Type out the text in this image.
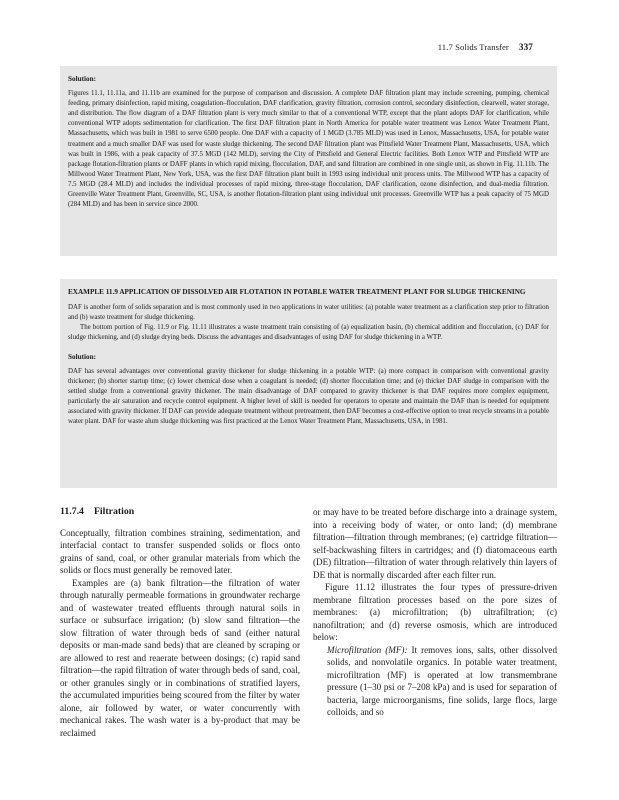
11.7 Solids Transfer 337
Solution:

Figures 11.1, 11.11a, and 11.11b are examined for the purpose of comparison and discussion. A complete DAF filtration plant may include screening, pumping, chemical feeding, primary disinfection, rapid mixing, coagulation–flocculation, DAF clarification, gravity filtration, corrosion control, secondary disinfection, clearwell, water storage, and distribution. The flow diagram of a DAF filtration plant is very much similar to that of a conventional WTP, except that the plant adopts DAF for clarification, while conventional WTP adopts sedimentation for clarification. The first DAF filtration plant in North America for potable water treatment was Lenox Water Treatment Plant, Massachusetts, which was built in 1981 to serve 6500 people. One DAF with a capacity of 1 MGD (3.785 MLD) was used in Lenox, Massachusetts, USA, for potable water treatment and a much smaller DAF was used for waste sludge thickening. The second DAF filtration plant was Pittsfield Water Treatment Plant, Massachusetts, USA, which was built in 1986, with a peak capacity of 37.5 MGD (142 MLD), serving the City of Pittsfield and General Electric facilities. Both Lenox WTP and Pittsfield WTP are package flotation-filtration plants or DAFF plants in which rapid mixing, flocculation, DAF, and sand filtration are combined in one single unit, as shown in Fig. 11.11b. The Millwood Water Treatment Plant, New York, USA, was the first DAF filtration plant built in 1993 using individual unit process units. The Millwood WTP has a capacity of 7.5 MGD (28.4 MLD) and includes the individual processes of rapid mixing, three-stage flocculation, DAF clarification, ozone disinfection, and dual-media filtration. Greenville Water Treatment Plant, Greenville, SC, USA, is another flotation-filtration plant using individual unit processes. Greenville WTP has a peak capacity of 75 MGD (284 MLD) and has been in service since 2000.

EXAMPLE 11.9 APPLICATION OF DISSOLVED AIR FLOTATION IN POTABLE WATER TREATMENT PLANT FOR SLUDGE THICKENING

DAF is another form of solids separation and is most commonly used in two applications in water utilities: (a) potable water treatment as a clarification step prior to filtration and (b) waste treatment for sludge thickening.

The bottom portion of Fig. 11.9 or Fig. 11.11 illustrates a waste treatment train consisting of (a) equalization basin, (b) chemical addition and flocculation, (c) DAF for sludge thickening, and (d) sludge drying beds. Discuss the advantages and disadvantages of using DAF for sludge thickening in a WTP.

Solution:

DAF has several advantages over conventional gravity thickener for sludge thickening in a potable WTP: (a) more compact in comparison with conventional gravity thickener; (b) shorter startup time; (c) lower chemical dose when a coagulant is needed; (d) shorter flocculation time; and (e) thicker DAF sludge in comparison with the settled sludge from a conventional gravity thickener. The main disadvantage of DAF compared to gravity thickener is that DAF requires more complex equipment, particularly the air saturation and recycle control equipment. A higher level of skill is needed for operators to operate and maintain the DAF than is needed for equipment associated with gravity thickener. If DAF can provide adequate treatment without pretreatment, then DAF becomes a cost-effective option to treat recycle streams in a potable water plant. DAF for waste alum sludge thickening was first practiced at the Lenox Water Treatment Plant, Massachusetts, USA, in 1981.

11.7.4 Filtration

Conceptually, filtration combines straining, sedimentation, and interfacial contact to transfer suspended solids or flocs onto grains of sand, coal, or other granular materials from which the solids or flocs must generally be removed later.

Examples are (a) bank filtration—the filtration of water through naturally permeable formations in groundwater recharge and of wastewater treated effluents through natural soils in surface or subsurface irrigation; (b) slow sand filtration—the slow filtration of water through beds of sand (either natural deposits or man-made sand beds) that are cleaned by scraping or are allowed to rest and reaerate between dosings; (c) rapid sand filtration—the rapid filtration of water through beds of sand, coal, or other granules singly or in combinations of stratified layers, the accumulated impurities being scoured from the filter by water alone, air followed by water, or water concurrently with mechanical rakes. The wash water is a by-product that may be reclaimed

or may have to be treated before discharge into a drainage system, into a receiving body of water, or onto land; (d) membrane filtration—filtration through membranes; (e) cartridge filtration—self-backwashing filters in cartridges; and (f) diatomaceous earth (DE) filtration—filtration of water through relatively thin layers of DE that is normally discarded after each filter run.

Figure 11.12 illustrates the four types of pressure-driven membrane filtration processes based on the pore sizes of membranes: (a) microfiltration; (b) ultrafiltration; (c) nanofiltration; and (d) reverse osmosis, which are introduced below:

Microfiltration (MF): It removes ions, salts, other dissolved solids, and nonvolatile organics. In potable water treatment, microfiltration (MF) is operated at low transmembrane pressure (1–30 psi or 7–208 kPa) and is used for separation of bacteria, large microorganisms, fine solids, large flocs, large colloids, and so
